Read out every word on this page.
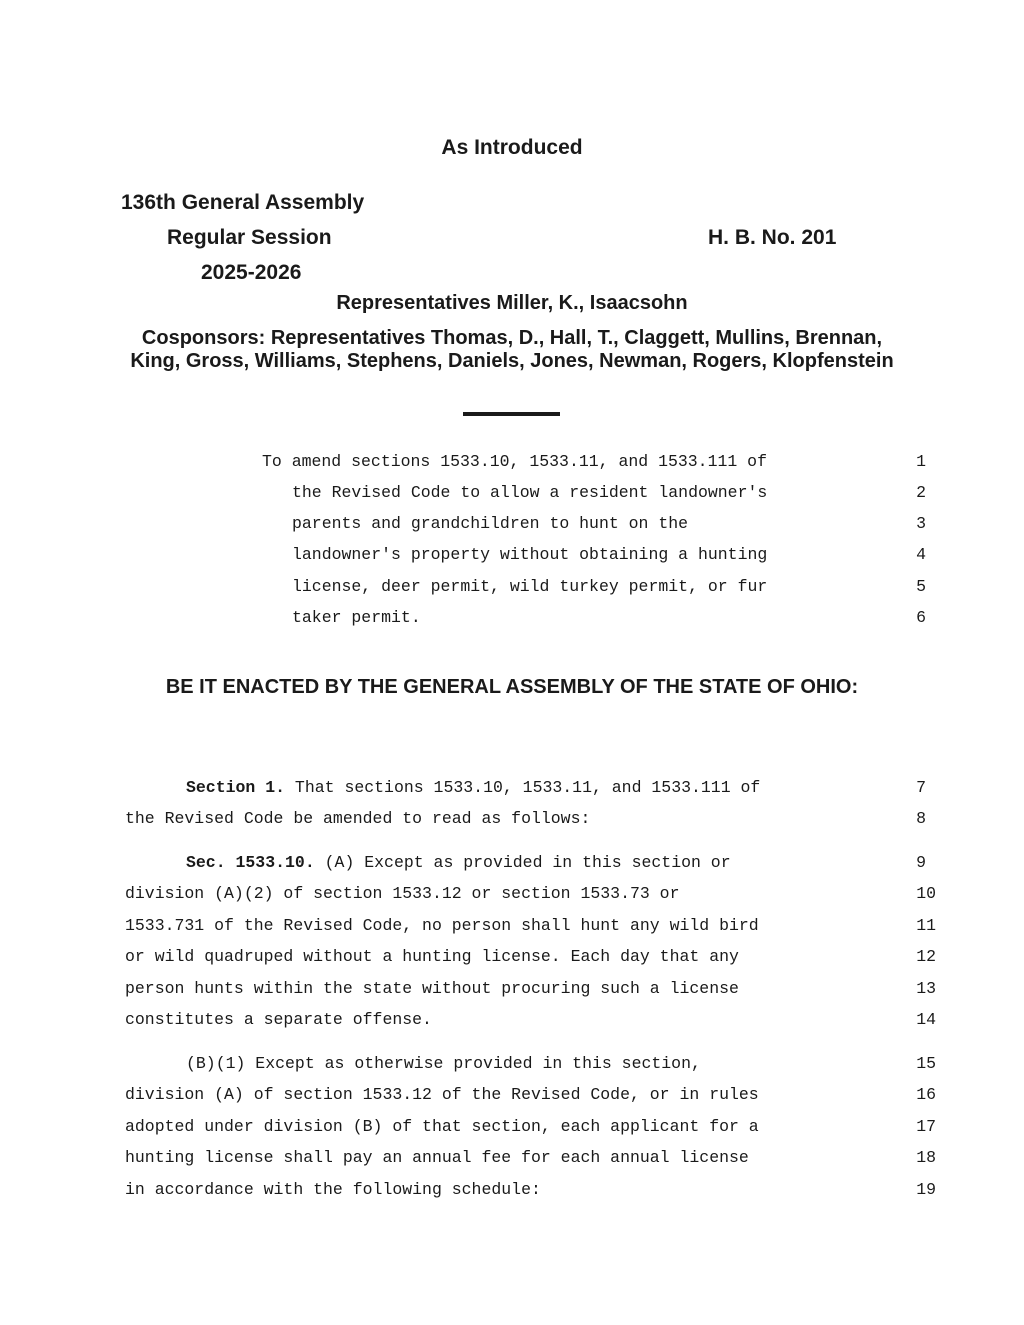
As Introduced
136th General Assembly
Regular Session	H. B. No. 201
2025-2026
Representatives Miller, K., Isaacsohn
Cosponsors: Representatives Thomas, D., Hall, T., Claggett, Mullins, Brennan,
King, Gross, Williams, Stephens, Daniels, Jones, Newman, Rogers, Klopfenstein
To amend sections 1533.10, 1533.11, and 1533.111 of	1
the Revised Code to allow a resident landowner's	2
parents and grandchildren to hunt on the	3
landowner's property without obtaining a hunting	4
license, deer permit, wild turkey permit, or fur	5
taker permit.	6
BE IT ENACTED BY THE GENERAL ASSEMBLY OF THE STATE OF OHIO:
Section 1. That sections 1533.10, 1533.11, and 1533.111 of	7
the Revised Code be amended to read as follows:	8
Sec. 1533.10. (A) Except as provided in this section or	9
division (A)(2) of section 1533.12 or section 1533.73 or	10
1533.731 of the Revised Code, no person shall hunt any wild bird	11
or wild quadruped without a hunting license. Each day that any	12
person hunts within the state without procuring such a license	13
constitutes a separate offense.	14
(B)(1) Except as otherwise provided in this section,	15
division (A) of section 1533.12 of the Revised Code, or in rules	16
adopted under division (B) of that section, each applicant for a	17
hunting license shall pay an annual fee for each annual license	18
in accordance with the following schedule:	19
